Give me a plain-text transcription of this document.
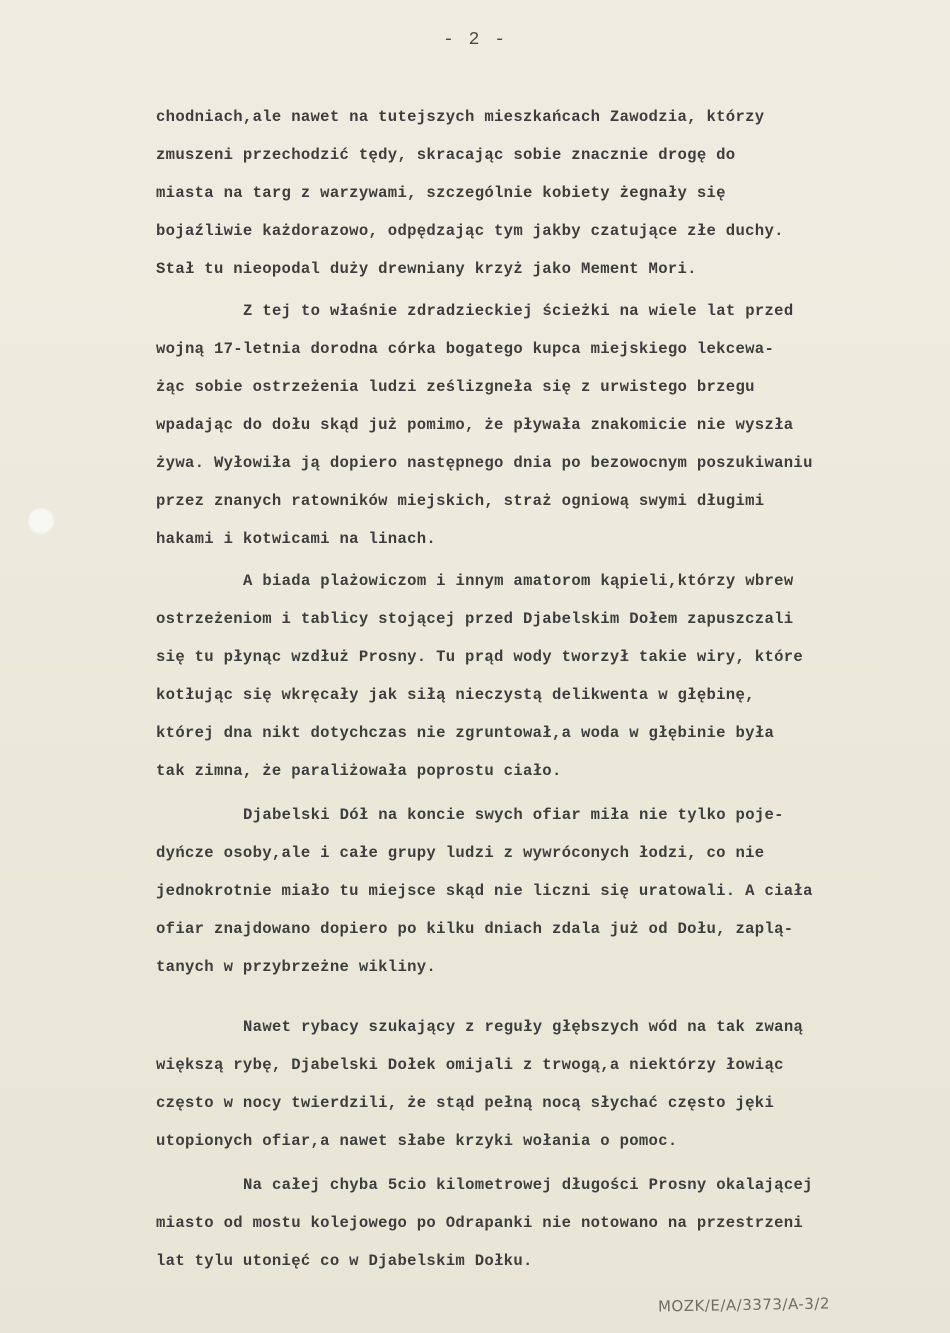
- 2 -
chodniach,ale nawet na tutejszych mieszkańcach Zawodzia, którzy
zmuszeni przechodzić tędy, skracając sobie znacznie drogę do
miasta na targ z warzywami, szczególnie kobiety żegnały się
bojaźliwie każdorazowo, odpędzając tym jakby czatujące złe duchy.
Stał tu nieopodal duży drewniany krzyż jako Mement Mori.
Z tej to właśnie zdradzieckiej ścieżki na wiele lat przed
wojną 17-letnia dorodna córka bogatego kupca miejskiego lekcewa-
żąc sobie ostrzeżenia ludzi ześlizgneła się z urwistego brzegu
wpadając do dołu skąd już pomimo, że pływała znakomicie nie wyszła
żywa. Wyłowiła ją dopiero następnego dnia po bezowocnym poszukiwaniu
przez znanych ratowników miejskich, straż ogniową swymi długimi
hakami i kotwicami na linach.
A biada plażowiczom i innym amatorom kąpieli,którzy wbrew
ostrzeżeniom i tablicy stojącej przed Djabelskim Dołem zapuszczali
się tu płynąc wzdłuż Prosny. Tu prąd wody tworzył takie wiry, które
kotłując się wkręcały jak siłą nieczystą delikwenta w głębinę,
której dna nikt dotychczas nie zgruntował,a woda w głębinie była
tak zimna, że paraliżowała poprostu ciało.
Djabelski Dół na koncie swych ofiar miła nie tylko poje-
dyńcze osoby,ale i całe grupy ludzi z wywróconych łodzi, co nie
jednokrotnie miało tu miejsce skąd nie liczni się uratowali. A ciała
ofiar znajdowano dopiero po kilku dniach zdala już od Dołu, zaplą-
tanych w przybrzeżne wikliny.
Nawet rybacy szukający z reguły głębszych wód na tak zwaną
większą rybę, Djabelski Dołek omijali z trwogą,a niektórzy łowiąc
często w nocy twierdzili, że stąd pełną nocą słychać często jęki
utopionych ofiar,a nawet słabe krzyki wołania o pomoc.
Na całej chyba 5cio kilometrowej długości Prosny okalającej
miasto od mostu kolejowego po Odrapanki nie notowano na przestrzeni
lat tylu utonięć co w Djabelskim Dołku.
MOZK/E/A/3373/A-3/2
